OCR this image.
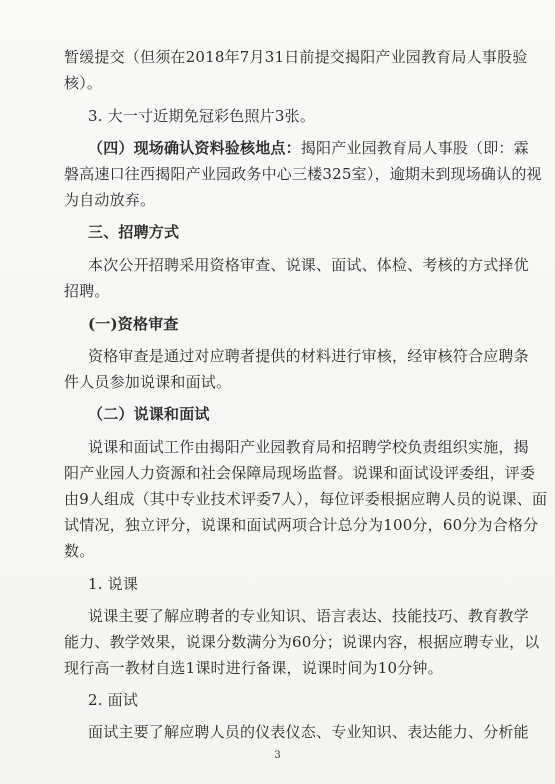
暂缓提交（但须在2018年7月31日前提交揭阳产业园教育局人事股验
核）。
3. 大一寸近期免冠彩色照片3张。
（四）现场确认资料验核地点：揭阳产业园教育局人事股（即：霖
磐高速口往西揭阳产业园政务中心三楼325室），逾期未到现场确认的视
为自动放弃。
三、招聘方式
本次公开招聘采用资格审查、说课、面试、体检、考核的方式择优
招聘。
(一)资格审查
资格审查是通过对应聘者提供的材料进行审核，经审核符合应聘条
件人员参加说课和面试。
（二）说课和面试
说课和面试工作由揭阳产业园教育局和招聘学校负责组织实施，揭
阳产业园人力资源和社会保障局现场监督。说课和面试设评委组，评委
由9人组成（其中专业技术评委7人），每位评委根据应聘人员的说课、面
试情况，独立评分，说课和面试两项合计总分为100分，60分为合格分
数。
1. 说课
说课主要了解应聘者的专业知识、语言表达、技能技巧、教育教学
能力、教学效果，说课分数满分为60分；说课内容，根据应聘专业，以
现行高一教材自选1课时进行备课，说课时间为10分钟。
2. 面试
面试主要了解应聘人员的仪表仪态、专业知识、表达能力、分析能
3
